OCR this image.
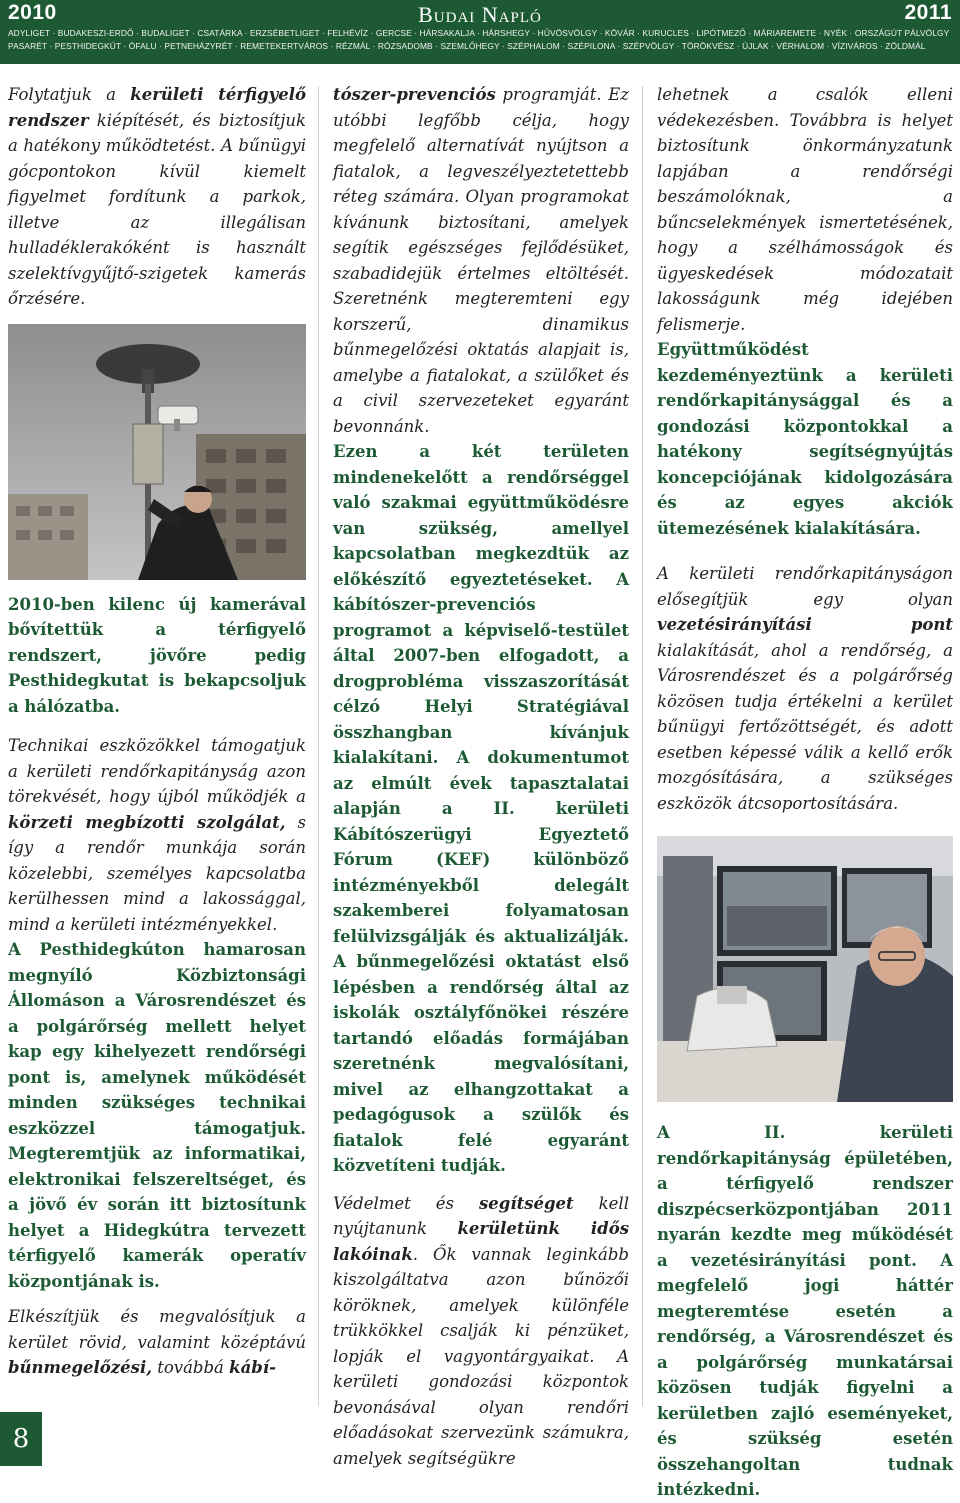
2010	Budai Napló	2011
ADYLIGET · BUDAKESZI-ERDŐ · BUDALIGET · CSATÁRKA · ERZSÉBETLIGET · FELHÉVÍZ · GERCSE · HÁRSAKALJA · HÁRSHEGY · HŰVÖSVÖLGY · KÖVÁR · KURUCLES · LIPÓTMEZŐ · MÁRIAREMETE · NYÉK · ORSZÁGÚT PÁLVÖLGY
PASARÉT · PESTHIDEGKÚT · ÓFALU · PETNEHÁZYRÉT · REMETEKERTVÁROS · RÉZMÁL · RÓZSADOMB · SZEMLŐHEGY · SZÉPHALOM · SZÉPILONA · SZÉPVÖLGY · TÖRÖKVÉSZ · ÚJLAK · VÉRHALOM · VÍZIVÁROS · ZÖLDMÁL

Folytatjuk a kerületi térfigyelő rendszer kiépítését, és biztosítjuk a hatékony működtetést. A bűnügyi gócpontokon kívül kiemelt figyelmet fordítunk a parkok, illetve az illegálisan hulladéklerakóként is használt szelektívgyűjtő-szigetek kamerás őrzésére.

2010-ben kilenc új kamerával bővítettük a térfigyelő rendszert, jövőre pedig Pesthidegkutat is bekapcsoljuk a hálózatba.

Technikai eszközökkel támogatjuk a kerületi rendőrkapitányság azon törekvését, hogy újból működjék a körzeti megbízotti szolgálat, s így a rendőr munkája során közelebbi, személyes kapcsolatba kerülhessen mind a lakossággal, mind a kerületi intézményekkel.

A Pesthidegkúton hamarosan megnyíló Közbiztonsági Állomáson a Városrendészet és a polgárőrség mellett helyet kap egy kihelyezett rendőrségi pont is, amelynek működését minden szükséges technikai eszközzel támogatjuk. Megteremtjük az informatikai, elektronikai felszereltséget, és a jövő év során itt biztosítunk helyet a Hidegkútra tervezett térfigyelő kamerák operatív központjának is.

Elkészítjük és megvalósítjuk a kerület rövid, valamint középtávú bűnmegelőzési, továbbá kábí-

tószer-prevenciós programját. Ez utóbbi legfőbb célja, hogy megfelelő alternatívát nyújtson a fiatalok, a legveszélyeztetettebb réteg számára. Olyan programokat kívánunk biztosítani, amelyek segítik egészséges fejlődésüket, szabadidejük értelmes eltöltését. Szeretnénk megteremteni egy korszerű, dinamikus bűnmegelőzési oktatás alapjait is, amelybe a fiatalokat, a szülőket és a civil szervezeteket egyaránt bevonnánk.

Ezen a két területen mindenekelőtt a rendőrséggel való szakmai együttműködésre van szükség, amellyel kapcsolatban megkezdtük az előkészítő egyeztetéseket. A kábítószer-prevenciós programot a képviselő-testület által 2007-ben elfogadott, a drogprobléma visszaszorítását célzó Helyi Stratégiával összhangban kívánjuk kialakítani. A dokumentumot az elmúlt évek tapasztalatai alapján a II. kerületi Kábítószerügyi Egyeztető Fórum (KEF) különböző intézményekből delegált szakemberei folyamatosan felülvizsgálják és aktualizálják. A bűnmegelőzési oktatást első lépésben a rendőrség által az iskolák osztályfőnökei részére tartandó előadás formájában szeretnénk megvalósítani, mivel az elhangzottakat a pedagógusok a szülők és fiatalok felé egyaránt közvetíteni tudják.

Védelmet és segítséget kell nyújtanunk kerületünk idős lakóinak. Ők vannak leginkább kiszolgáltatva azon bűnözői köröknek, amelyek különféle trükkökkel csalják ki pénzüket, lopják el vagyontárgyaikat. A kerületi gondozási központok bevonásával olyan rendőri előadásokat szervezünk számukra, amelyek segítségükre

lehetnek a csalók elleni védekezésben. Továbbra is helyet biztosítunk önkormányzatunk lapjában a rendőrségi beszámolóknak, a bűncselekmények ismertetésének, hogy a szélhámosságok és ügyeskedések módozatait lakosságunk még idejében felismerje.

Együttműködést kezdeményeztünk a kerületi rendőrkapitánysággal és a gondozási központokkal a hatékony segítségnyújtás koncepciójának kidolgozására és az egyes akciók ütemezésének kialakítására.

A kerületi rendőrkapitányságon elősegítjük egy olyan vezetésirányítási pont kialakítását, ahol a rendőrség, a Városrendészet és a polgárőrség közösen tudja értékelni a kerület bűnügyi fertőzöttségét, és adott esetben képessé válik a kellő erők mozgósítására, a szükséges eszközök átcsoportosítására.

A II. kerületi rendőrkapitányság épületében, a térfigyelő rendszer diszpécserközpontjában 2011 nyarán kezdte meg működését a vezetésirányítási pont. A megfelelő jogi háttér megteremtése esetén a rendőrség, a Városrendészet és a polgárőrség munkatársai közösen tudják figyelni a kerületben zajló eseményeket, és szükség esetén összehangoltan tudnak intézkedni.

8
